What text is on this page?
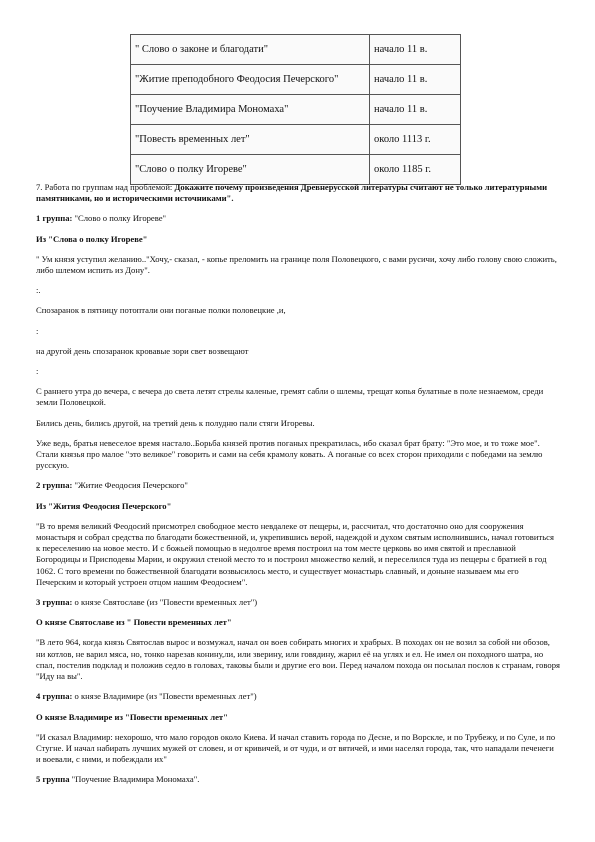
" Слово о законе и благодати"	начало 11 в.
"Житие преподобного Феодосия Печерского"	начало 11 в.
"Поучение Владимира Мономаха"	начало 11 в.
"Повесть временных лет"	около 1113 г.
"Слово о полку Игореве"	около 1185 г.

7. Работа по группам над проблемой: Докажите почему произведения Древнерусской литературы считают не только литературными памятниками, но и историческими источниками".

1 группа: "Слово о полку Игореве"

Из "Слова о полку Игореве"

" Ум князя уступил желанию.."Хочу,- сказал, - копье преломить на границе поля Половецкого, с вами русичи, хочу либо голову свою сложить, либо шлемом испить из Дону".

:.

Спозаранок в пятницу потоптали они поганые полки половецкие ,и,

:

на другой день спозаранок кровавые зори свет возвещают

:

С раннего утра до вечера, с вечера до света летят стрелы каленые, гремят сабли о шлемы, трещат копья булатные в поле незнаемом, среди земли Половецкой.

Бились день, бились другой, на третий день к полудню пали стяги Игоревы.

Уже ведь, братья невеселое время настало..Борьба князей против поганых прекратилась, ибо сказал брат брату: "Это мое, и то тоже мое". Стали князья про малое "это великое" говорить и сами на себя крамолу ковать. А поганые со всех сторон приходили с победами на землю русскую.

2 группа: "Житие Феодосия Печерского"

Из "Жития Феодосия Печерского"

"В то время великий Феодосий присмотрел свободное место невдалеке от пещеры, и, рассчитал, что достаточно оно для сооружения монастыря и собрал средства по благодати божественной, и, укрепившись верой, надеждой и духом святым исполнившись, начал готовиться к переселению на новое место. И с божьей помощью в недолгое время построил на том месте церковь во имя святой и преславной Богородицы и Присподевы Марии, и окружил стеной место то и построил множество келий, и переселился туда из пещеры с братией в год 1062. С того времени по божественной благодати возвысилось место, и существует монастырь славный, и доныне называем мы его Печерским и который устроен отцом нашим Феодосием".

3 группа: о князе Святославе (из "Повести временных лет")

О князе Святославе из " Повести временных лет"

"В лето 964, когда князь Святослав вырос и возмужал, начал он воев собирать многих и храбрых. В походах он не возил за собой ни обозов, ни котлов, не варил мяса, но, тонко нарезав конину,ли, или зверину, или говядину, жарил её на углях и ел. Не имел он походного шатра, но спал, постелив подклад и положив седло в головах, таковы были и другие его вои. Перед началом похода он посылал послов к странам, говоря "Иду на вы".

4 группа: о князе Владимире (из "Повести временных лет")

О князе Владимире из "Повести временных лет"

"И сказал Владимир: нехорошо, что мало городов около Киева. И начал ставить города по Десне, и по Ворскле, и по Трубежу, и по Суле, и по Стугне. И начал набирать лучших мужей от словен, и от кривичей, и от чуди, и от вятичей, и ими населял города, так, что нападали печенеги и воевали, с ними, и побеждали их"

5 группа "Поучение Владимира Мономаха".
